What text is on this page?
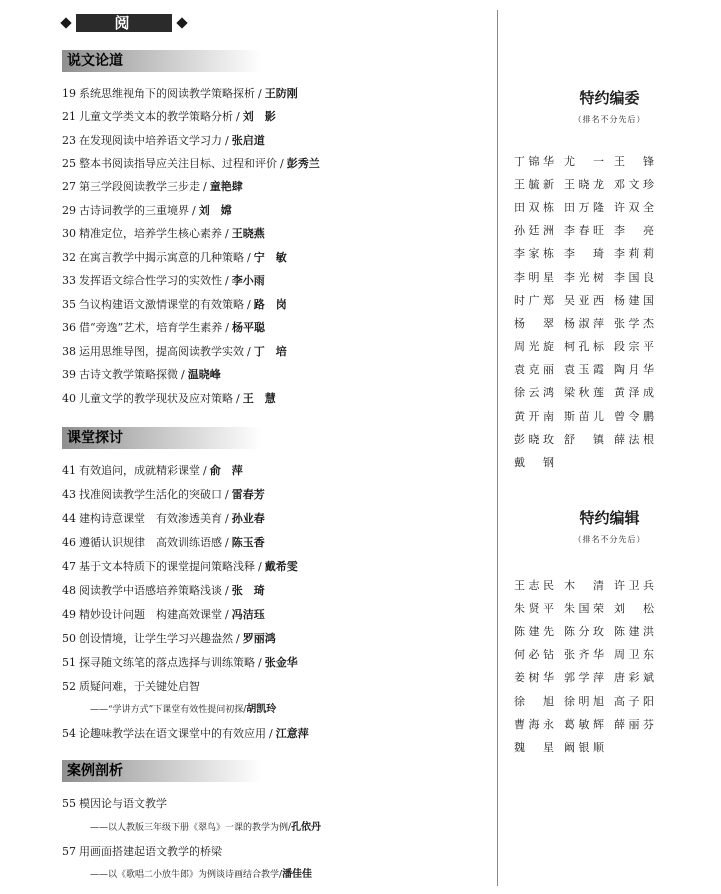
阅读
说文论道
19 系统思维视角下的阅读教学策略探析 / 王防刚
21 儿童文学类文本的教学策略分析 / 刘　影
23 在发现阅读中培养语文学习力 / 张启道
25 整本书阅读指导应关注目标、过程和评价 / 彭秀兰
27 第三学段阅读教学三步走 / 童艳肆
29 古诗词教学的三重境界 / 刘　嫦
30 精准定位，培养学生核心素养 / 王晓燕
32 在寓言教学中揭示寓意的几种策略 / 宁　敏
33 发挥语文综合性学习的实效性 / 李小雨
35 刍议构建语文激情课堂的有效策略 / 路　岗
36 借“旁逸”艺术，培育学生素养 / 杨平聪
38 运用思维导图，提高阅读教学实效 / 丁　培
39 古诗文教学策略探微 / 温晓峰
40 儿童文学的教学现状及应对策略 / 王　慧
课堂探讨
41 有效追问，成就精彩课堂 / 俞　萍
43 找准阅读教学生活化的突破口 / 雷春芳
44 建构诗意课堂　有效渗透美育 / 孙业春
46 遵循认识规律　高效训练语感 / 陈玉香
47 基于文本特质下的课堂提问策略浅释 / 戴希雯
48 阅读教学中语感培养策略浅谈 / 张　琦
49 精妙设计问题　构建高效课堂 / 冯洁珏
50 创设情境，让学生学习兴趣盎然 / 罗丽鸿
51 探寻随文练笔的落点选择与训练策略 / 张金华
52 质疑问难，于关键处启智
——“学讲方式”下课堂有效性提问初探/胡凯玲
54 论趣味教学法在语文课堂中的有效应用 / 江意萍
案例剖析
55 模因论与语文教学
——以人教版三年级下册《翠鸟》一课的教学为例/孔依丹
57 用画面搭建起语文教学的桥梁
——以《歌唱二小放牛郎》为例谈诗画结合教学/潘佳佳
特约编委
（排名不分先后）
丁锦华 尤　一 王　锋
王毓新 王晓龙 邓文珍
田双栋 田万隆 许双全
孙廷洲 李春旺 李　亮
李家栋 李　琦 李莉莉
李明星 李光树 李国良
时广郑 吴亚西 杨建国
杨　翠 杨淑萍 张学杰
周光旋 柯孔标 段宗平
袁克丽 袁玉霞 陶月华
徐云鸿 梁秋莲 黄泽成
黄开南 斯苗儿 曾令鹏
彭晓玫 舒　镇 薛法根
戴　钢
特约编辑
（排名不分先后）
王志民 木　清 许卫兵
朱贤平 朱国荣 刘　松
陈建先 陈分玫 陈建洪
何必钻 张齐华 周卫东
姜树华 郭学萍 唐彩斌
徐　旭 徐明旭 高子阳
曹海永 葛敏辉 薛丽芬
魏　星 阚银顺
